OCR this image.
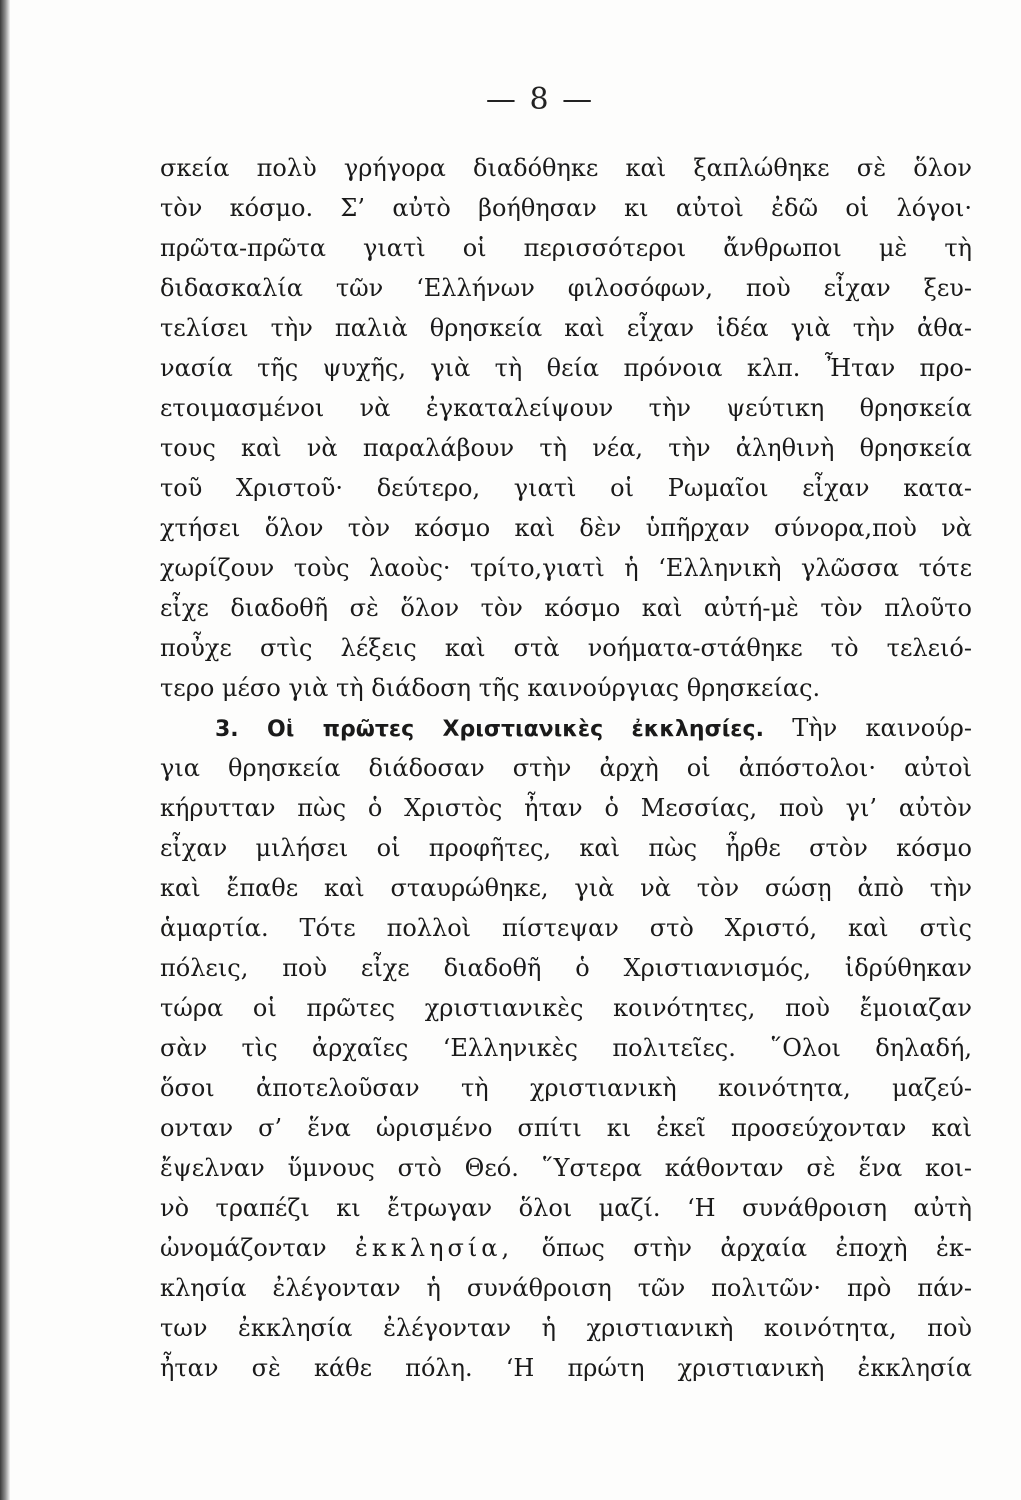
— 8 —
σκεία πολὺ γρήγορα διαδόθηκε καὶ ξαπλώθηκε σὲ ὅλον
τὸν κόσμο. Σ’ αὐτὸ βοήθησαν κι αὐτοὶ ἐδῶ οἱ λόγοι·
πρῶτα-πρῶτα γιατὶ οἱ περισσότεροι ἄνθρωποι μὲ τὴ
διδασκαλία τῶν ‘Ελλήνων φιλοσόφων, ποὺ εἶχαν ξευ-
τελίσει τὴν παλιὰ θρησκεία καὶ εἶχαν ἰδέα γιὰ τὴν ἀθα-
νασία τῆς ψυχῆς, γιὰ τὴ θεία πρόνοια κλπ. Ἦταν προ-
ετοιμασμένοι νὰ ἐγκαταλείψουν τὴν ψεύτικη θρησκεία
τους καὶ νὰ παραλάβουν τὴ νέα, τὴν ἀληθινὴ θρησκεία
τοῦ Χριστοῦ· δεύτερο, γιατὶ οἱ Ρωμαῖοι εἶχαν κατα-
χτήσει ὅλον τὸν κόσμο καὶ δὲν ὑπῆρχαν σύνορα,ποὺ νὰ
χωρίζουν τοὺς λαοὺς· τρίτο,γιατὶ ἡ ‘Ελληνικὴ γλῶσσα τότε
εἶχε διαδοθῆ σὲ ὅλον τὸν κόσμο καὶ αὐτή-μὲ τὸν πλοῦτο
ποὖχε στὶς λέξεις καὶ στὰ νοήματα-στάθηκε τὸ τελειό-
τερο μέσο γιὰ τὴ διάδοση τῆς καινούργιας θρησκείας.
3. Οἱ πρῶτες Χριστιανικὲς ἐκκλησίες. Τὴν καινούρ-
για θρησκεία διάδοσαν στὴν ἀρχὴ οἱ ἀπόστολοι· αὐτοὶ
κήρυτταν πὼς ὁ Χριστὸς ἦταν ὁ Μεσσίας, ποὺ γι’ αὐτὸν
εἶχαν μιλήσει οἱ προφῆτες, καὶ πὼς ἦρθε στὸν κόσμο
καὶ ἔπαθε καὶ σταυρώθηκε, γιὰ νὰ τὸν σώσῃ ἀπὸ τὴν
ἁμαρτία. Τότε πολλοὶ πίστεψαν στὸ Χριστό, καὶ στὶς
πόλεις, ποὺ εἶχε διαδοθῆ ὁ Χριστιανισμός, ἱδρύθηκαν
τώρα οἱ πρῶτες χριστιανικὲς κοινότητες, ποὺ ἔμοιαζαν
σὰν τὶς ἀρχαῖες ‘Ελληνικὲς πολιτεῖες. ῞Ολοι δηλαδή,
ὅσοι ἀποτελοῦσαν τὴ χριστιανικὴ κοινότητα, μαζεύ-
ονταν σ’ ἕνα ὡρισμένο σπίτι κι ἐκεῖ προσεύχονταν καὶ
ἔψελναν ὕμνους στὸ Θεό. ῞Υστερα κάθονταν σὲ ἕνα κοι-
νὸ τραπέζι κι ἔτρωγαν ὅλοι μαζί. ‘Η συνάθροιση αὐτὴ
ὠνομάζονταν ἐκκλησία, ὅπως στὴν ἀρχαία ἐποχὴ ἐκ-
κλησία ἐλέγονταν ἡ συνάθροιση τῶν πολιτῶν· πρὸ πάν-
των ἐκκλησία ἐλέγονταν ἡ χριστιανικὴ κοινότητα, ποὺ
ἦταν σὲ κάθε πόλη. ‘Η πρώτη χριστιανικὴ ἐκκλησία
